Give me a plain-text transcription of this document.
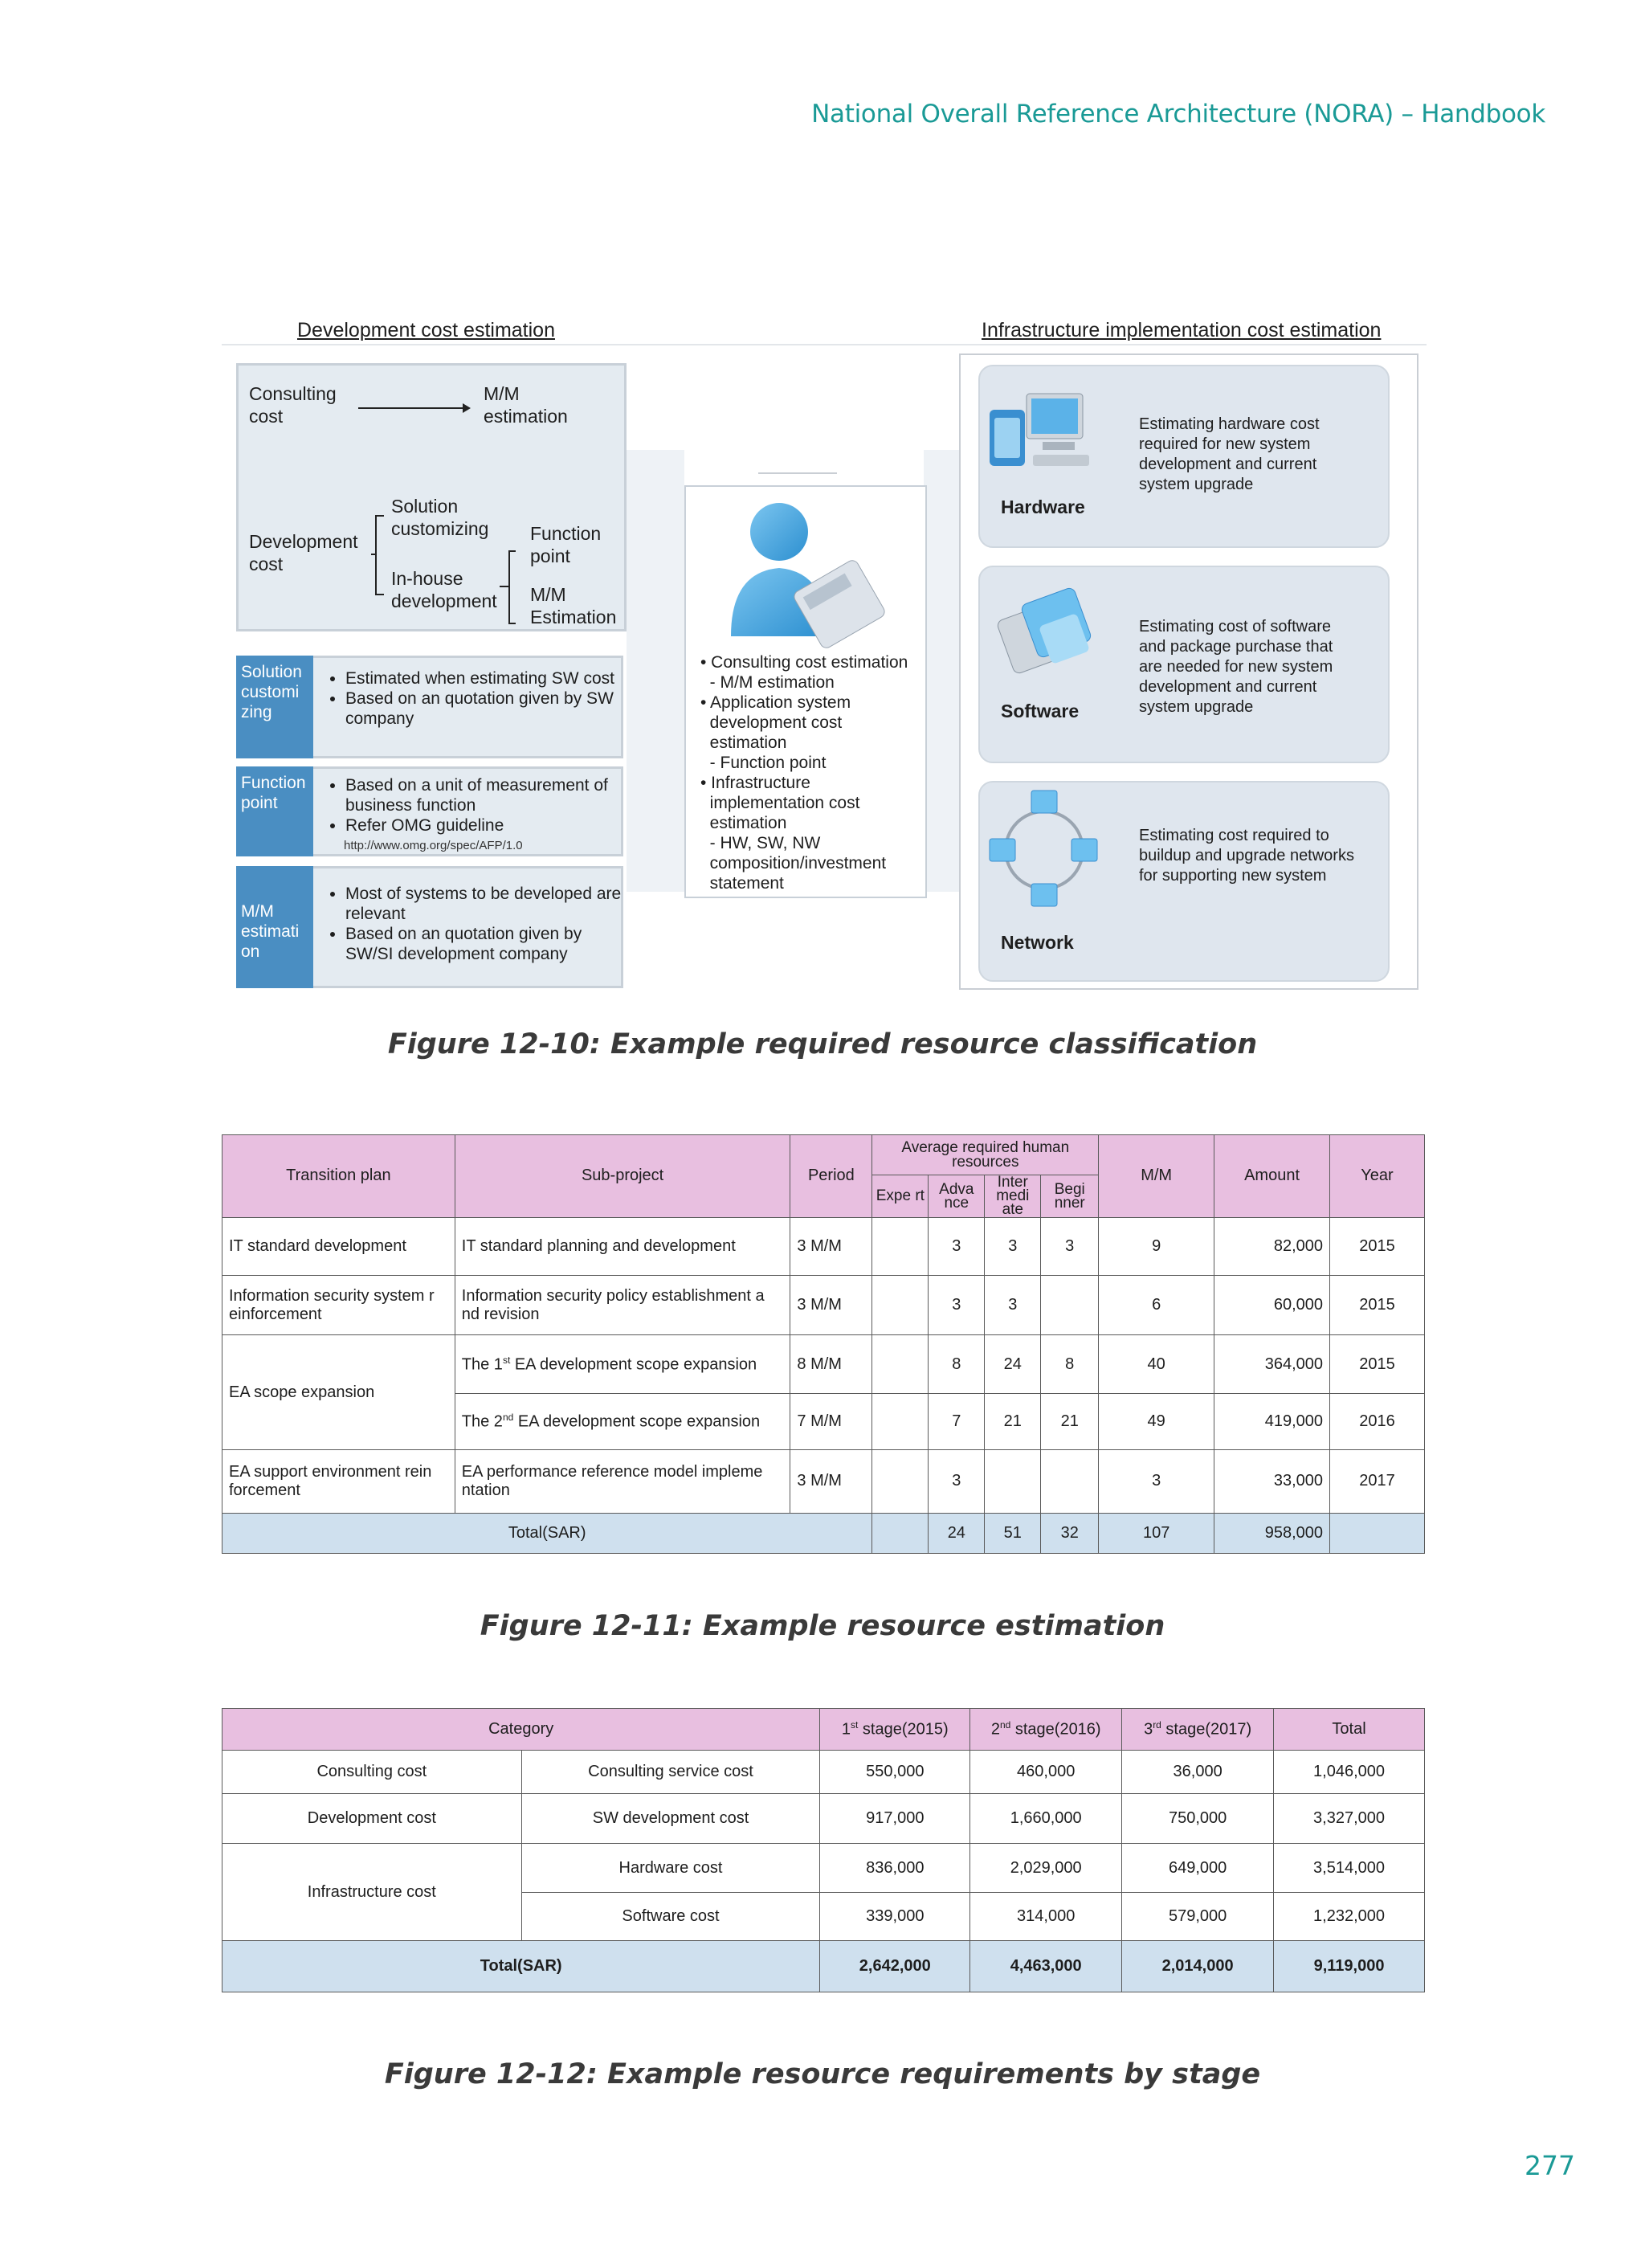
National Overall Reference Architecture (NORA) – Handbook
Development cost estimation	Infrastructure implementation cost estimation
Consulting
cost
M/M
estimation
Development
cost
Solution
customizing
In-house
development
Function
point
M/M
Estimation
Solution
customi
zing
• Estimated when estimating SW cost
• Based on an quotation given by SW company
Function
point
• Based on a unit of measurement of business function
• Refer OMG guideline
http://www.omg.org/spec/AFP/1.0
M/M
estimati
on
• Most of systems to be developed are relevant
• Based on an quotation given by SW/SI development company
• Consulting cost estimation
- M/M estimation
• Application system
development cost
estimation
- Function point
• Infrastructure
implementation cost
estimation
- HW, SW, NW
composition/investment
statement
Hardware
Estimating hardware cost
required for new system
development and current
system upgrade
Software
Estimating cost of software
and package purchase that
are needed for new system
development and current
system upgrade
Network
Estimating cost required to
buildup and upgrade networks
for supporting new system
Figure 12-10: Example required resource classification
Transition plan	Sub-project	Period	Average required human resources				M/M	Amount	Year
			Expe rt	Adva nce	Inter medi ate	Begi nner			
IT standard development	IT standard planning and development	3 M/M		3	3	3	9	82,000	2015
Information security system r einforcement	Information security policy establishment a nd revision	3 M/M		3	3		6	60,000	2015
EA scope expansion	The 1st EA development scope expansion	8 M/M		8	24	8	40	364,000	2015
	The 2nd EA development scope expansion	7 M/M		7	21	21	49	419,000	2016
EA support environment rein forcement	EA performance reference model impleme ntation	3 M/M		3			3	33,000	2017
Total(SAR)				24	51	32	107	958,000	
Figure 12-11: Example resource estimation
Category		1st stage(2015)	2nd stage(2016)	3rd stage(2017)	Total
Consulting cost	Consulting service cost	550,000	460,000	36,000	1,046,000
Development cost	SW development cost	917,000	1,660,000	750,000	3,327,000
Infrastructure cost	Hardware cost	836,000	2,029,000	649,000	3,514,000
	Software cost	339,000	314,000	579,000	1,232,000
Total(SAR)		2,642,000	4,463,000	2,014,000	9,119,000
Figure 12-12: Example resource requirements by stage
277
